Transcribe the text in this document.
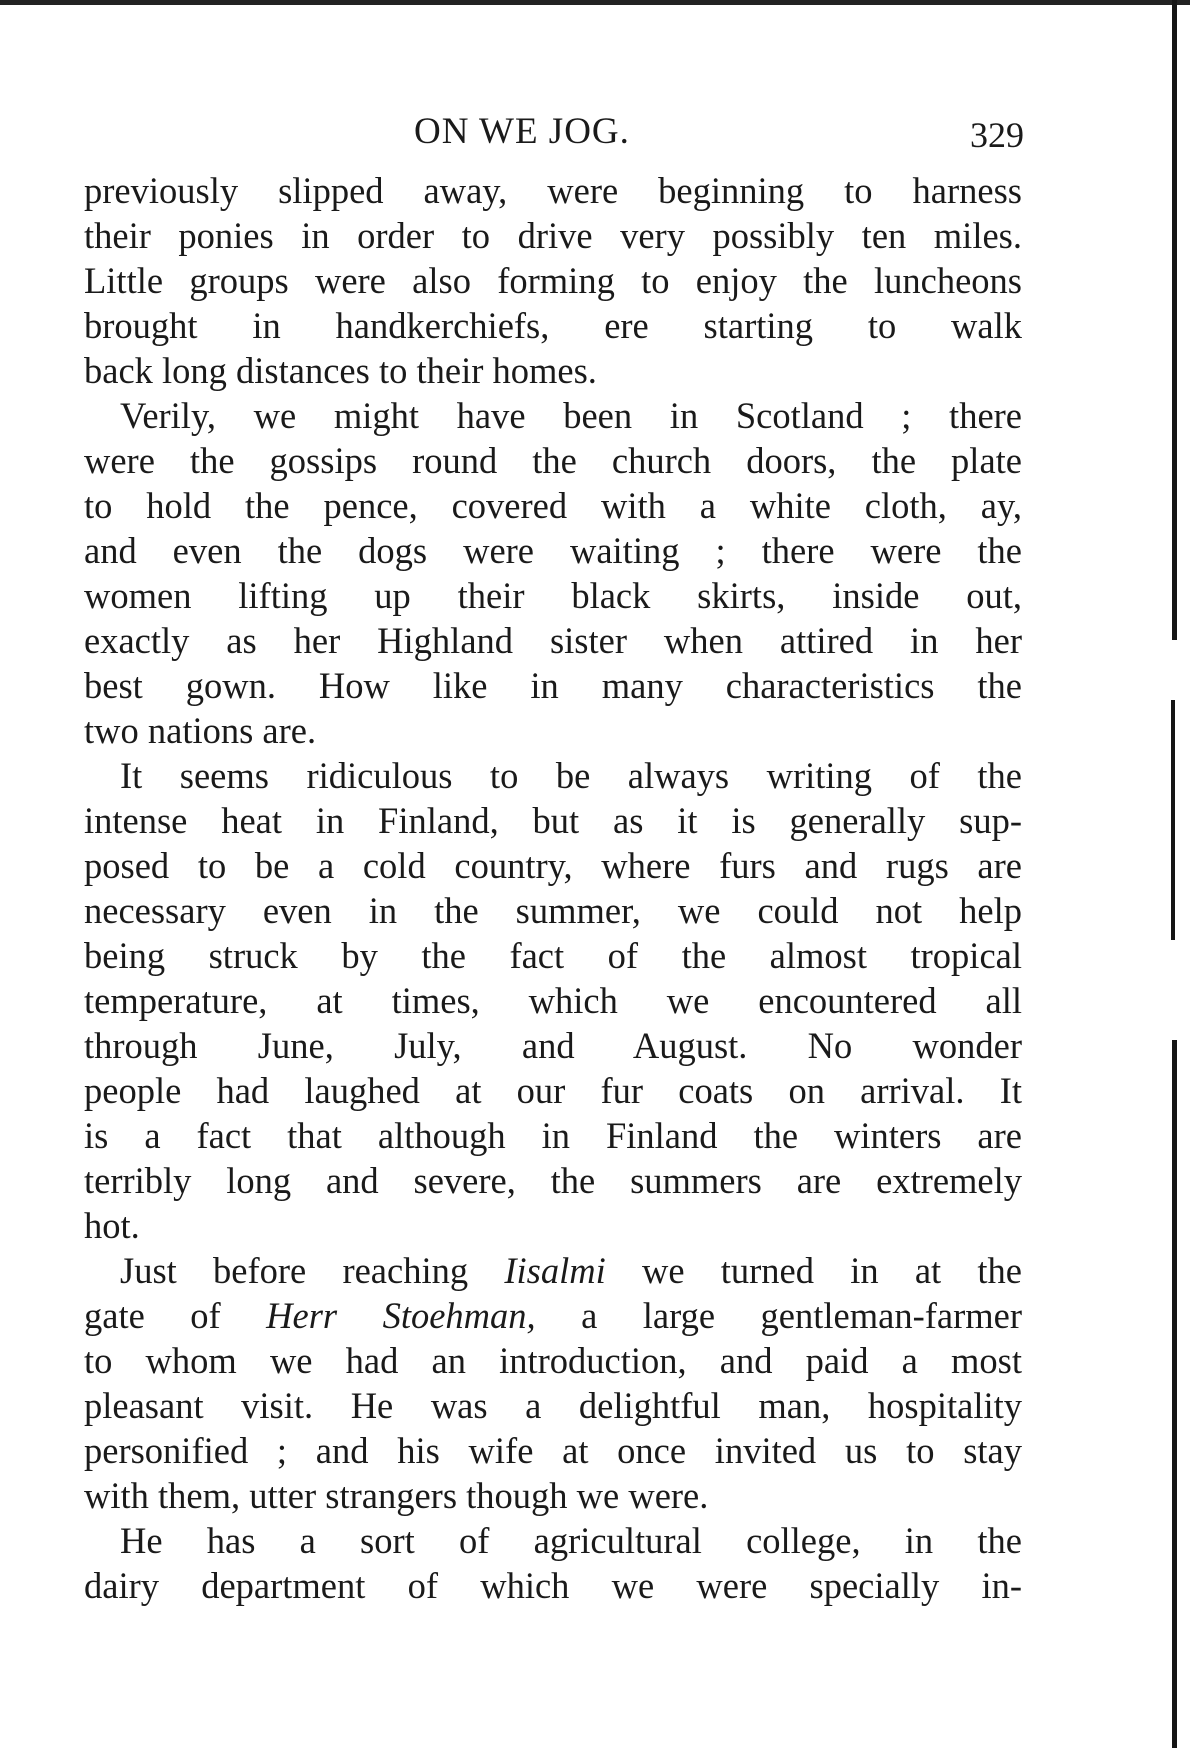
ON WE JOG.	329
previously slipped away, were beginning to harness
their ponies in order to drive very possibly ten miles.
Little groups were also forming to enjoy the luncheons
brought in handkerchiefs, ere starting to walk
back long distances to their homes.
Verily, we might have been in Scotland ; there
were the gossips round the church doors, the plate
to hold the pence, covered with a white cloth, ay,
and even the dogs were waiting ; there were the
women lifting up their black skirts, inside out,
exactly as her Highland sister when attired in her
best gown. How like in many characteristics the
two nations are.
It seems ridiculous to be always writing of the
intense heat in Finland, but as it is generally sup-
posed to be a cold country, where furs and rugs are
necessary even in the summer, we could not help
being struck by the fact of the almost tropical
temperature, at times, which we encountered all
through June, July, and August. No wonder
people had laughed at our fur coats on arrival. It
is a fact that although in Finland the winters are
terribly long and severe, the summers are extremely
hot.
Just before reaching Iisalmi we turned in at the
gate of Herr Stoehman, a large gentleman-farmer
to whom we had an introduction, and paid a most
pleasant visit. He was a delightful man, hospitality
personified ; and his wife at once invited us to stay
with them, utter strangers though we were.
He has a sort of agricultural college, in the
dairy department of which we were specially in-
